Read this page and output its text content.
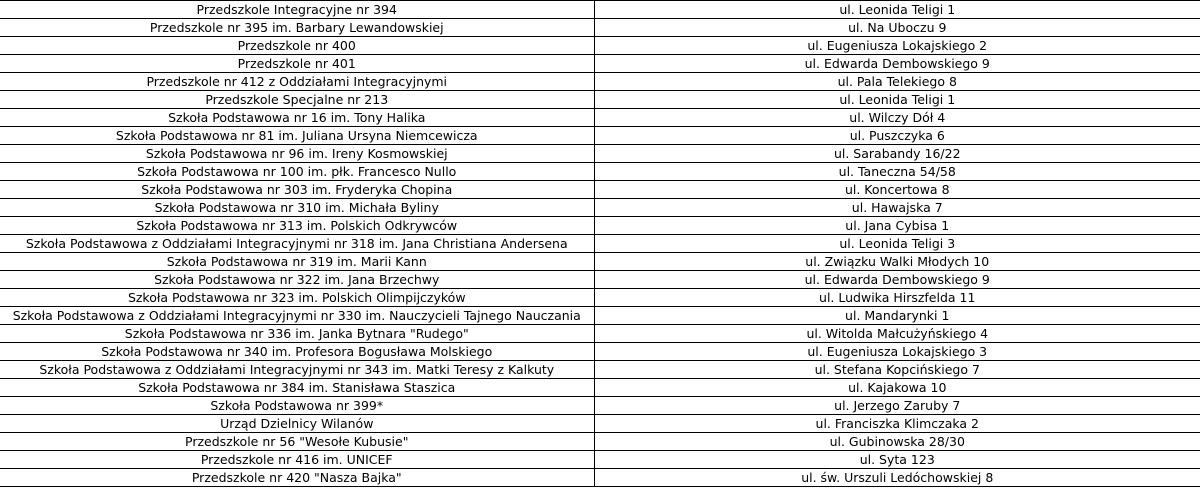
Przedszkole Integracyjne nr 394	ul. Leonida Teligi 1
Przedszkole nr 395 im. Barbary Lewandowskiej	ul. Na Uboczu 9
Przedszkole nr 400	ul. Eugeniusza Lokajskiego 2
Przedszkole nr 401	ul. Edwarda Dembowskiego 9
Przedszkole nr 412 z Oddziałami Integracyjnymi	ul. Pala Telekiego 8
Przedszkole Specjalne nr 213	ul. Leonida Teligi 1
Szkoła Podstawowa nr 16 im. Tony Halika	ul. Wilczy Dół 4
Szkoła Podstawowa nr 81 im. Juliana Ursyna Niemcewicza	ul. Puszczyka 6
Szkoła Podstawowa nr 96 im. Ireny Kosmowskiej	ul. Sarabandy 16/22
Szkoła Podstawowa nr 100 im. płk. Francesco Nullo	ul. Taneczna 54/58
Szkoła Podstawowa nr 303 im. Fryderyka Chopina	ul. Koncertowa 8
Szkoła Podstawowa nr 310 im. Michała Byliny	ul. Hawajska 7
Szkoła Podstawowa nr 313 im. Polskich Odkrywców	ul. Jana Cybisa 1
Szkoła Podstawowa z Oddziałami Integracyjnymi nr 318 im. Jana Christiana Andersena	ul. Leonida Teligi 3
Szkoła Podstawowa nr 319 im. Marii Kann	ul. Związku Walki Młodych 10
Szkoła Podstawowa nr 322 im. Jana Brzechwy	ul. Edwarda Dembowskiego 9
Szkoła Podstawowa nr 323 im. Polskich Olimpijczyków	ul. Ludwika Hirszfelda 11
Szkoła Podstawowa z Oddziałami Integracyjnymi nr 330 im. Nauczycieli Tajnego Nauczania	ul. Mandarynki 1
Szkoła Podstawowa nr 336 im. Janka Bytnara "Rudego"	ul. Witolda Małcużyńskiego 4
Szkoła Podstawowa nr 340 im. Profesora Bogusława Molskiego	ul. Eugeniusza Lokajskiego 3
Szkoła Podstawowa z Oddziałami Integracyjnymi nr 343 im. Matki Teresy z Kalkuty	ul. Stefana Kopcińskiego 7
Szkoła Podstawowa nr 384 im. Stanisława Staszica	ul. Kajakowa 10
Szkoła Podstawowa nr 399*	ul. Jerzego Zaruby 7
Urząd Dzielnicy Wilanów	ul. Franciszka Klimczaka 2
Przedszkole nr 56 "Wesołe Kubusie"	ul. Gubinowska 28/30
Przedszkole nr 416 im. UNICEF	ul. Syta 123
Przedszkole nr 420 "Nasza Bajka"	ul. św. Urszuli Ledóchowskiej 8
